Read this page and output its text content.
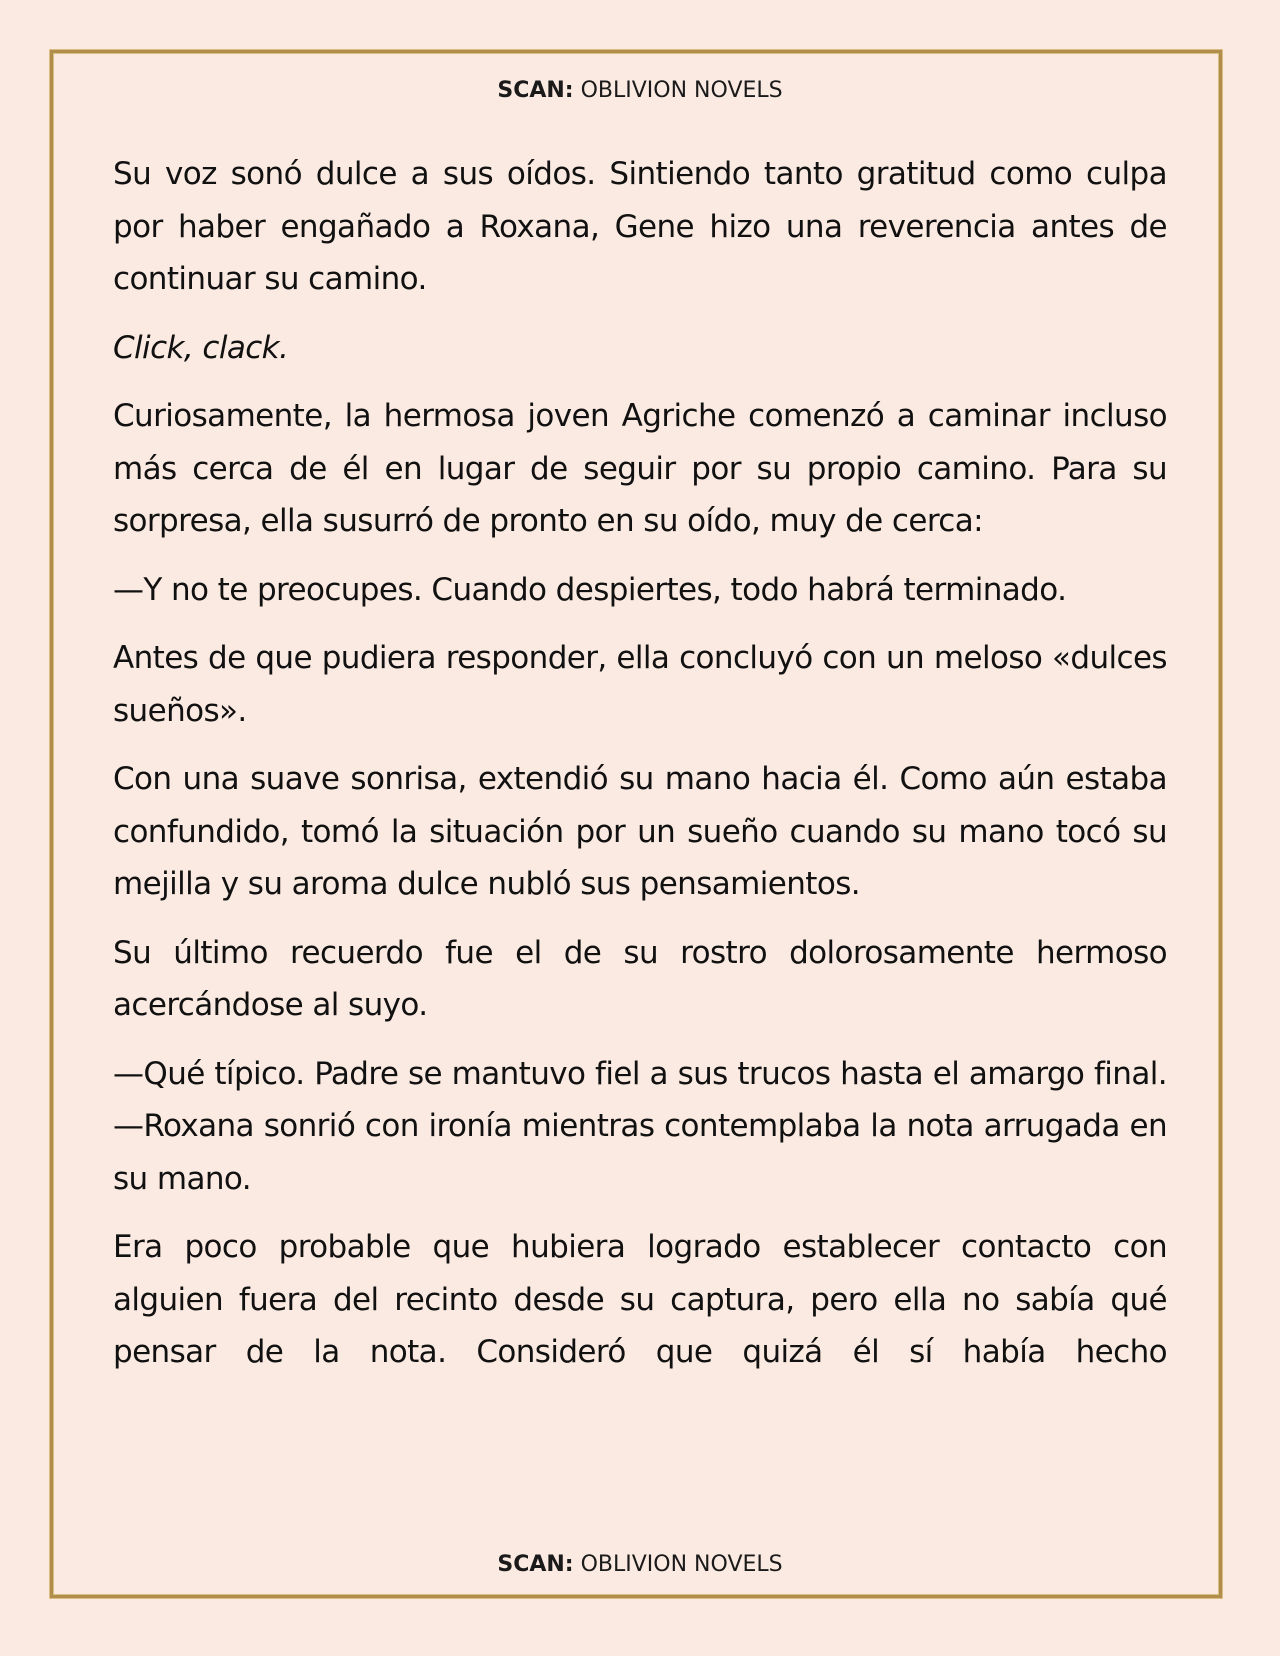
SCAN: OBLIVION NOVELS

Su voz sonó dulce a sus oídos. Sintiendo tanto gratitud como culpa por haber engañado a Roxana, Gene hizo una reverencia antes de continuar su camino.

Click, clack.

Curiosamente, la hermosa joven Agriche comenzó a caminar incluso más cerca de él en lugar de seguir por su propio camino. Para su sorpresa, ella susurró de pronto en su oído, muy de cerca:

—Y no te preocupes. Cuando despiertes, todo habrá terminado.

Antes de que pudiera responder, ella concluyó con un meloso «dulces sueños».

Con una suave sonrisa, extendió su mano hacia él. Como aún estaba confundido, tomó la situación por un sueño cuando su mano tocó su mejilla y su aroma dulce nubló sus pensamientos.

Su último recuerdo fue el de su rostro dolorosamente hermoso acercándose al suyo.

—Qué típico. Padre se mantuvo fiel a sus trucos hasta el amargo final. —Roxana sonrió con ironía mientras contemplaba la nota arrugada en su mano.

Era poco probable que hubiera logrado establecer contacto con alguien fuera del recinto desde su captura, pero ella no sabía qué pensar de la nota. Consideró que quizá él sí había hecho

SCAN: OBLIVION NOVELS
